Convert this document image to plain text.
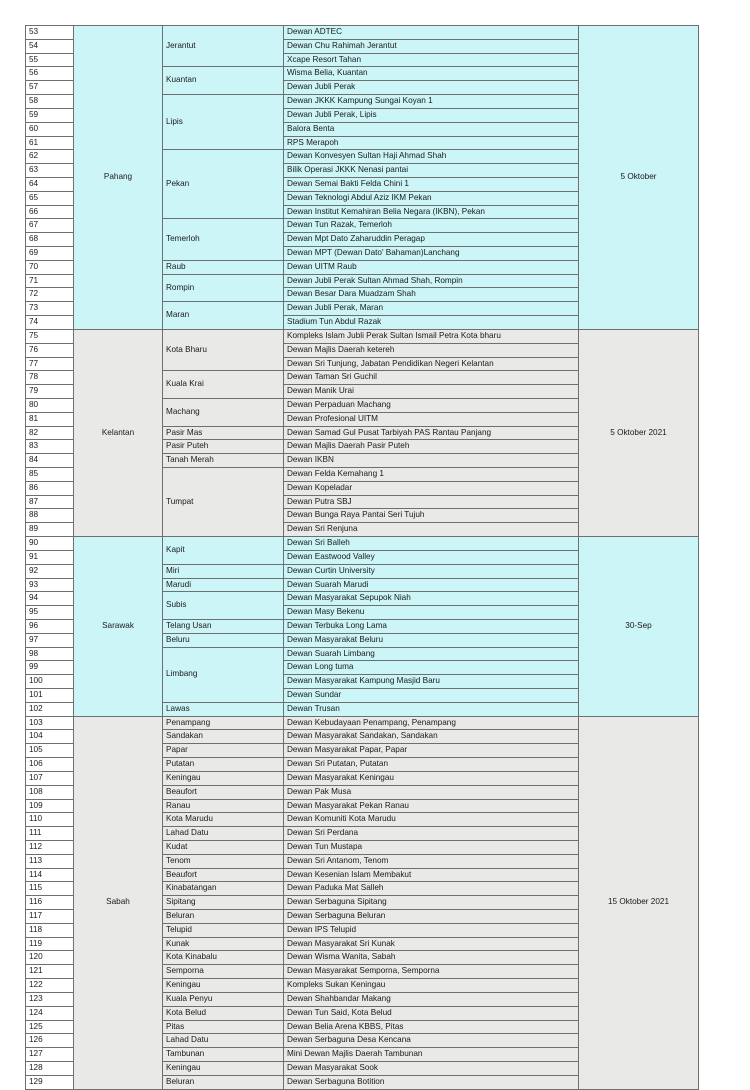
53	Pahang	Jerantut	Dewan ADTEC	5 Oktober
54			Dewan Chu Rahimah Jerantut	
55			Xcape Resort Tahan	
56		Kuantan	Wisma Belia, Kuantan	
57			Dewan Jubli Perak	
58		Lipis	Dewan JKKK Kampung Sungai Koyan 1	
59			Dewan Jubli Perak, Lipis	
60			Balora Benta	
61			RPS Merapoh	
62		Pekan	Dewan Konvesyen Sultan Haji Ahmad Shah	
63			Bilik Operasi JKKK Nenasi pantai	
64			Dewan Semai Bakti Felda Chini 1	
65			Dewan Teknologi Abdul Aziz IKM Pekan	
66			Dewan Institut Kemahiran Belia Negara (IKBN), Pekan	
67		Temerloh	Dewan Tun Razak, Temerloh	
68			Dewan Mpt Dato Zaharuddin Peragap	
69			Dewan MPT (Dewan Dato' Bahaman)Lanchang	
70		Raub	Dewan UITM Raub	
71		Rompin	Dewan Jubli Perak Sultan Ahmad Shah, Rompin	
72			Dewan Besar Dara Muadzam Shah	
73		Maran	Dewan Jubli Perak, Maran	
74			Stadium Tun Abdul Razak	
75	Kelantan	Kota Bharu	Kompleks Islam Jubli Perak Sultan Ismail Petra Kota bharu	5 Oktober 2021
76			Dewan Majlis Daerah ketereh	
77			Dewan Sri Tunjung, Jabatan Pendidikan Negeri Kelantan	
78		Kuala Krai	Dewan Taman Sri Guchil	
79			Dewan Manik Urai	
80		Machang	Dewan Perpaduan Machang	
81			Dewan Profesional UITM	
82		Pasir Mas	Dewan Samad Gul Pusat Tarbiyah PAS Rantau Panjang	
83		Pasir Puteh	Dewan Majlis Daerah Pasir Puteh	
84		Tanah Merah	Dewan IKBN	
85		Tumpat	Dewan Felda Kemahang 1	
86			Dewan Kopeladar	
87			Dewan Putra SBJ	
88			Dewan Bunga Raya Pantai Seri Tujuh	
89			Dewan Sri Renjuna	
90	Sarawak	Kapit	Dewan Sri Balleh	30-Sep
91			Dewan Eastwood Valley	
92		Miri	Dewan Curtin University	
93		Marudi	Dewan Suarah Marudi	
94		Subis	Dewan Masyarakat Sepupok Niah	
95			Dewan Masy Bekenu	
96		Telang Usan	Dewan Terbuka Long Lama	
97		Beluru	Dewan Masyarakat Beluru	
98		Limbang	Dewan Suarah Limbang	
99			Dewan Long tuma	
100			Dewan Masyarakat Kampung Masjid Baru	
101			Dewan Sundar	
102		Lawas	Dewan Trusan	
103	Sabah	Penampang	Dewan Kebudayaan Penampang, Penampang	15 Oktober 2021
104		Sandakan	Dewan Masyarakat Sandakan, Sandakan	
105		Papar	Dewan Masyarakat Papar, Papar	
106		Putatan	Dewan Sri Putatan, Putatan	
107		Keningau	Dewan Masyarakat Keningau	
108		Beaufort	Dewan Pak Musa	
109		Ranau	Dewan Masyarakat Pekan Ranau	
110		Kota Marudu	Dewan Komuniti Kota Marudu	
111		Lahad Datu	Dewan Sri Perdana	
112		Kudat	Dewan Tun Mustapa	
113		Tenom	Dewan Sri Antanom, Tenom	
114		Beaufort	Dewan Kesenian Islam Membakut	
115		Kinabatangan	Dewan Paduka Mat Salleh	
116		Sipitang	Dewan Serbaguna Sipitang	
117		Beluran	Dewan Serbaguna Beluran	
118		Telupid	Dewan IPS Telupid	
119		Kunak	Dewan Masyarakat Sri Kunak	
120		Kota Kinabalu	Dewan Wisma Wanita, Sabah	
121		Semporna	Dewan Masyarakat Semporna, Semporna	
122		Keningau	Kompleks Sukan Keningau	
123		Kuala Penyu	Dewan Shahbandar Makang	
124		Kota Belud	Dewan Tun Said, Kota Belud	
125		Pitas	Dewan Belia Arena KBBS, Pitas	
126		Lahad Datu	Dewan Serbaguna Desa Kencana	
127		Tambunan	Mini Dewan Majlis Daerah Tambunan	
128		Keningau	Dewan Masyarakat Sook	
129		Beluran	Dewan Serbaguna Botition	
